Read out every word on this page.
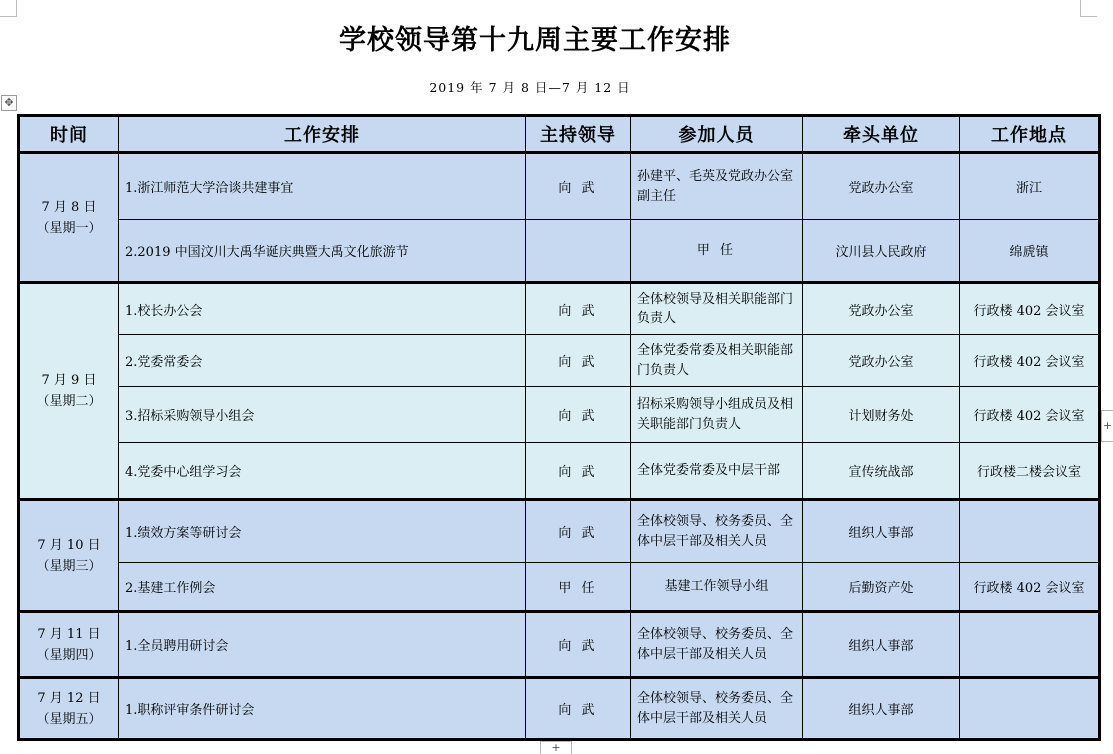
✥
学校领导第十九周主要工作安排
2019 年 7 月 8 日—7 月 12 日
时间	工作安排	主持领导	参加人员	牵头单位	工作地点

7 月 8 日
（星期一）	1.浙江师范大学洽谈共建事宜	向 武	孙建平、毛英及党政办公室副主任	党政办公室	浙江
	2.2019 中国汶川大禹华诞庆典暨大禹文化旅游节		甲 任	汶川县人民政府	绵虒镇

7 月 9 日
（星期二）	1.校长办公会	向 武	全体校领导及相关职能部门负责人	党政办公室	行政楼 402 会议室
	2.党委常委会	向 武	全体党委常委及相关职能部门负责人	党政办公室	行政楼 402 会议室
	3.招标采购领导小组会	向 武	招标采购领导小组成员及相关职能部门负责人	计划财务处	行政楼 402 会议室
	4.党委中心组学习会	向 武	全体党委常委及中层干部	宣传统战部	行政楼二楼会议室

7 月 10 日
（星期三）	1.绩效方案等研讨会	向 武	全体校领导、校务委员、全体中层干部及相关人员	组织人事部	
	2.基建工作例会	甲 任	基建工作领导小组	后勤资产处	行政楼 402 会议室

7 月 11 日
（星期四）	1.全员聘用研讨会	向 武	全体校领导、校务委员、全体中层干部及相关人员	组织人事部	

7 月 12 日
（星期五）	1.职称评审条件研讨会	向 武	全体校领导、校务委员、全体中层干部及相关人员	组织人事部	
+
+
